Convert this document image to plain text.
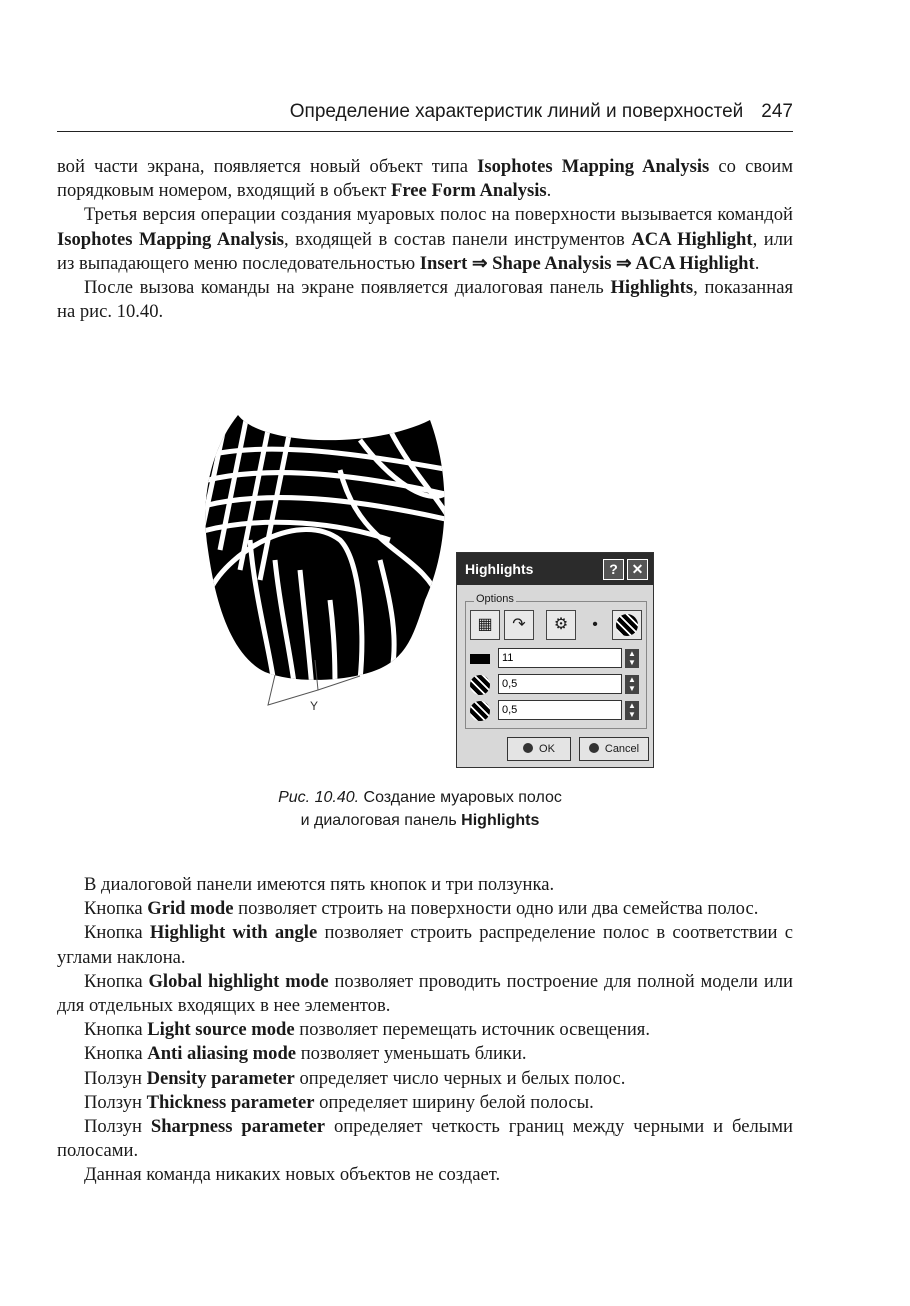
Определение характеристик линий и поверхностей 247

вой части экрана, появляется новый объект типа Isophotes Mapping Analysis со своим порядковым номером, входящий в объект Free Form Analysis.

Третья версия операции создания муаровых полос на поверхности вызывается командой Isophotes Mapping Analysis, входящей в состав панели инструментов ACA Highlight, или из выпадающего меню последовательностью Insert ⇒ Shape Analysis ⇒ ACA Highlight.

После вызова команды на экране появляется диалоговая панель Highlights, показанная на рис. 10.40.

Y
Highlights	? ✕
Options
▦	↷	⚙	•
11
▲
▼
0,5
▲
▼
0,5
▲
▼
OK	Cancel
Рис. 10.40. Создание муаровых полос
и диалоговая панель Highlights

В диалоговой панели имеются пять кнопок и три ползунка.

Кнопка Grid mode позволяет строить на поверхности одно или два семейства полос.

Кнопка Highlight with angle позволяет строить распределение полос в соответствии с углами наклона.

Кнопка Global highlight mode позволяет проводить построение для полной модели или для отдельных входящих в нее элементов.

Кнопка Light source mode позволяет перемещать источник освещения.

Кнопка Anti aliasing mode позволяет уменьшать блики.

Ползун Density parameter определяет число черных и белых полос.

Ползун Thickness parameter определяет ширину белой полосы.

Ползун Sharpness parameter определяет четкость границ между черными и белыми полосами.

Данная команда никаких новых объектов не создает.
